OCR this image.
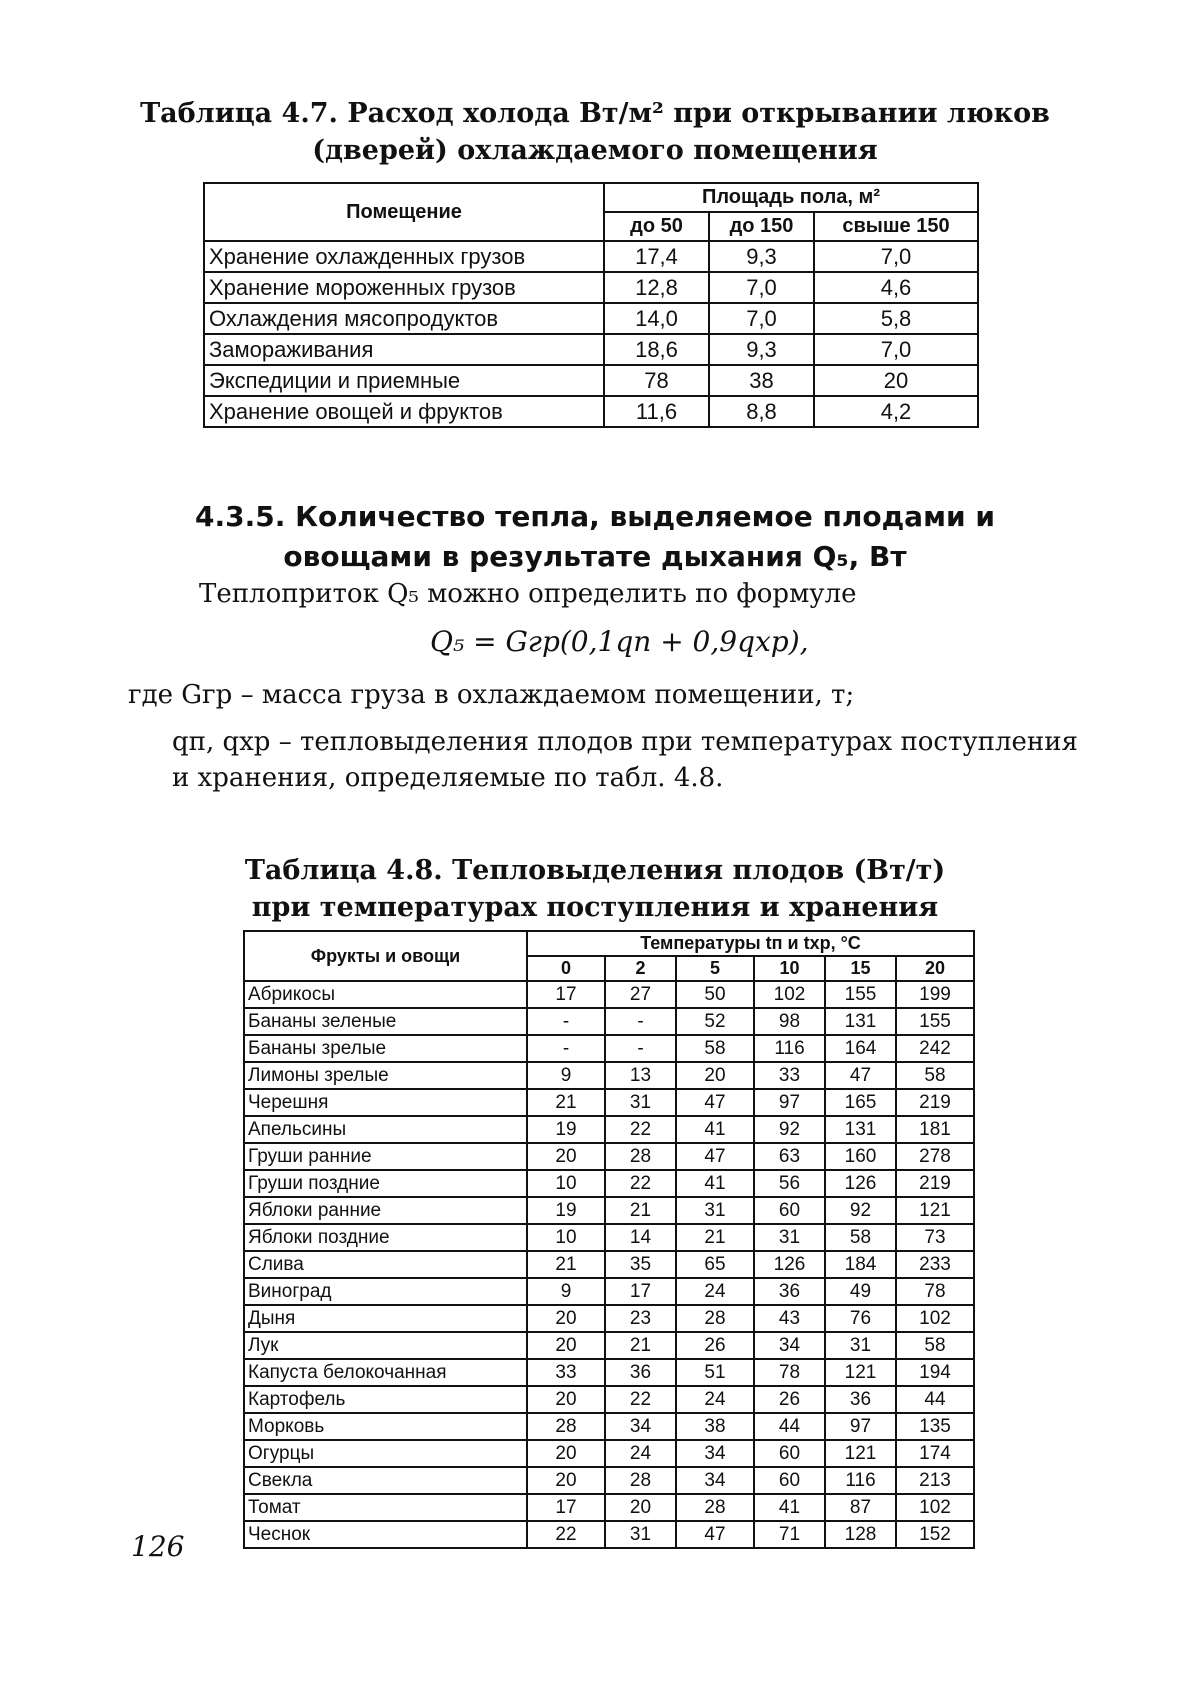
Таблица 4.7. Расход холода Вт/м² при открывании люков
(дверей) охлаждаемого помещения
Помещение	Площадь пола, м²		
	до 50	до 150	свыше 150
Хранение охлажденных грузов	17,4	9,3	7,0
Хранение мороженных грузов	12,8	7,0	4,6
Охлаждения мясопродуктов	14,0	7,0	5,8
Замораживания	18,6	9,3	7,0
Экспедиции и приемные	78	38	20
Хранение овощей и фруктов	11,6	8,8	4,2
4.3.5. Количество тепла, выделяемое плодами и
овощами в результате дыхания Q₅, Вт
Теплоприток Q₅ можно определить по формуле
Q₅ = Gгр(0,1qп + 0,9qхр),
где Gгр – масса груза в охлаждаемом помещении, т;
qп, qхр – тепловыделения плодов при температурах поступления
и хранения, определяемые по табл. 4.8.
Таблица 4.8. Тепловыделения плодов (Вт/т)
при температурах поступления и хранения
Фрукты и овощи	Температуры tп и tхр, °С					
	0	2	5	10	15	20
Абрикосы	17	27	50	102	155	199
Бананы зеленые	-	-	52	98	131	155
Бананы зрелые	-	-	58	116	164	242
Лимоны зрелые	9	13	20	33	47	58
Черешня	21	31	47	97	165	219
Апельсины	19	22	41	92	131	181
Груши ранние	20	28	47	63	160	278
Груши поздние	10	22	41	56	126	219
Яблоки ранние	19	21	31	60	92	121
Яблоки поздние	10	14	21	31	58	73
Слива	21	35	65	126	184	233
Виноград	9	17	24	36	49	78
Дыня	20	23	28	43	76	102
Лук	20	21	26	34	31	58
Капуста белокочанная	33	36	51	78	121	194
Картофель	20	22	24	26	36	44
Морковь	28	34	38	44	97	135
Огурцы	20	24	34	60	121	174
Свекла	20	28	34	60	116	213
Томат	17	20	28	41	87	102
Чеснок	22	31	47	71	128	152
126
